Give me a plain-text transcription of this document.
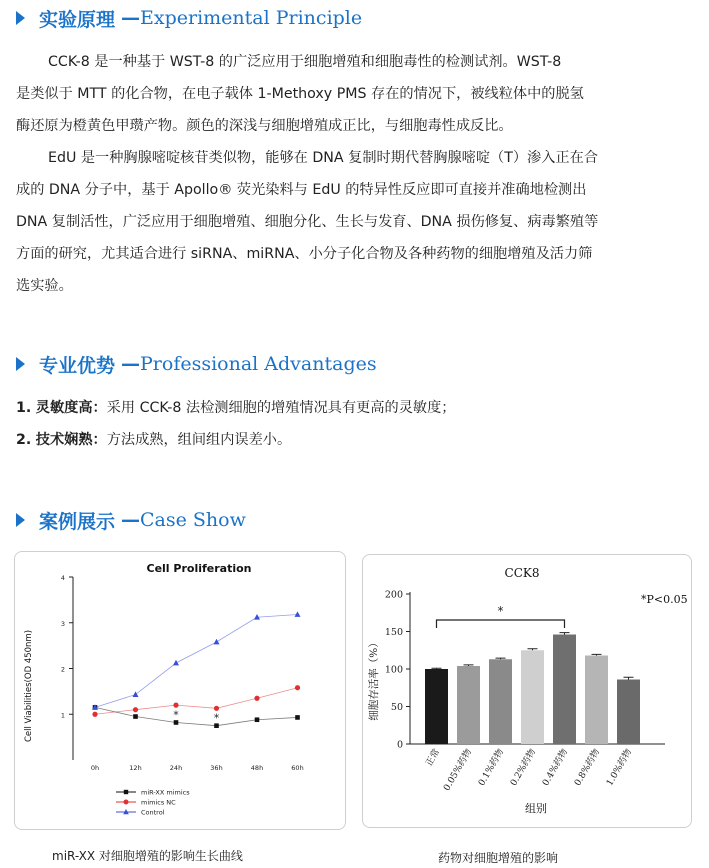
实验原理 — Experimental Principle

CCK-8 是一种基于 WST-8 的广泛应用于细胞增殖和细胞毒性的检测试剂。WST-8

是类似于 MTT 的化合物，在电子载体 1-Methoxy PMS 存在的情况下，被线粒体中的脱氢

酶还原为橙黄色甲瓒产物。颜色的深浅与细胞增殖成正比，与细胞毒性成反比。

EdU 是一种胸腺嘧啶核苷类似物，能够在 DNA 复制时期代替胸腺嘧啶（T）渗入正在合

成的 DNA 分子中，基于 Apollo® 荧光染料与 EdU 的特异性反应即可直接并准确地检测出

DNA 复制活性，广泛应用于细胞增殖、细胞分化、生长与发育、DNA 损伤修复、病毒繁殖等

方面的研究，尤其适合进行 siRNA、miRNA、小分子化合物及各种药物的细胞增殖及活力筛

选实验。

专业优势 — Professional Advantages
1. 灵敏度高：采用 CCK-8 法检测细胞的增殖情况具有更高的灵敏度；
2. 技术娴熟：方法成熟，组间组内误差小。
案例展示 — Case Show
Cell Proliferation
Cell Viabilities(OD 450nm)	1
2
3
4
0h	12h	24h	36h	48h	60h
*	*
miR-XX mimics
mimics NC
Control
miR-XX 对细胞增殖的影响生长曲线
CCK8
*P<0.05
细胞存活率（%）
0
50
100
150
200
正常 0.05%药物 0.1%药物 0.2%药物 0.4%药物 0.8%药物 1.0%药物
*
组别
药物对细胞增殖的影响
